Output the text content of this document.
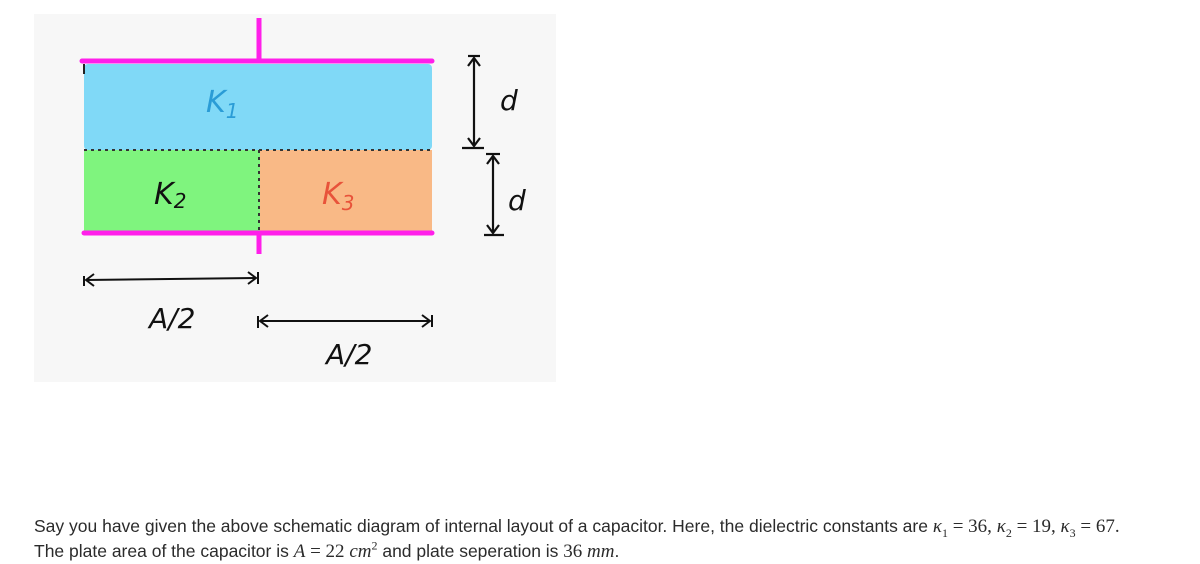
$K_1$
K2	$K_3$
A/2
A/2
d
d
Say you have given the above schematic diagram of internal layout of a capacitor. Here, the dielectric constants are $\kappa_1 = 36$, $\kappa_2 = 19$, $\kappa_3 = 67$.
The plate area of the capacitor is A = 22 $cm^2$ and plate seperation is 36 mm.
